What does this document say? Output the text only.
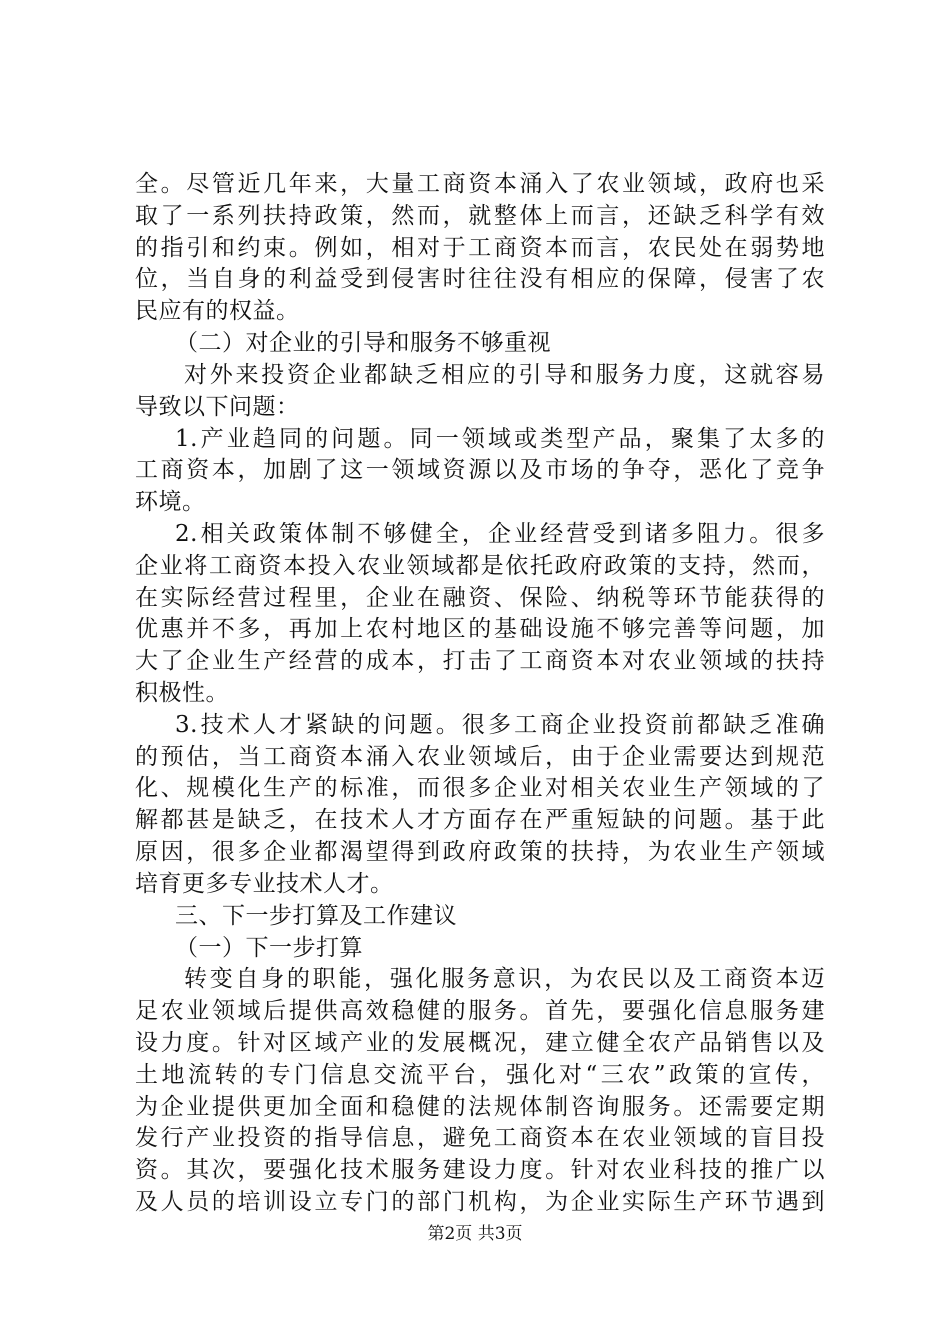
全。尽管近几年来，大量工商资本涌入了农业领域，政府也采
取了一系列扶持政策，然而，就整体上而言，还缺乏科学有效
的指引和约束。例如，相对于工商资本而言，农民处在弱势地
位，当自身的利益受到侵害时往往没有相应的保障，侵害了农
民应有的权益。
（二）对企业的引导和服务不够重视
对外来投资企业都缺乏相应的引导和服务力度，这就容易
导致以下问题：
1.产业趋同的问题。同一领域或类型产品，聚集了太多的
工商资本，加剧了这一领域资源以及市场的争夺，恶化了竞争
环境。
2.相关政策体制不够健全，企业经营受到诸多阻力。很多
企业将工商资本投入农业领域都是依托政府政策的支持，然而，
在实际经营过程里，企业在融资、保险、纳税等环节能获得的
优惠并不多，再加上农村地区的基础设施不够完善等问题，加
大了企业生产经营的成本，打击了工商资本对农业领域的扶持
积极性。
3.技术人才紧缺的问题。很多工商企业投资前都缺乏准确
的预估，当工商资本涌入农业领域后，由于企业需要达到规范
化、规模化生产的标准，而很多企业对相关农业生产领域的了
解都甚是缺乏，在技术人才方面存在严重短缺的问题。基于此
原因，很多企业都渴望得到政府政策的扶持，为农业生产领域
培育更多专业技术人才。
三、下一步打算及工作建议
（一）下一步打算
转变自身的职能，强化服务意识，为农民以及工商资本迈
足农业领域后提供高效稳健的服务。首先，要强化信息服务建
设力度。针对区域产业的发展概况，建立健全农产品销售以及
土地流转的专门信息交流平台，强化对“三农”政策的宣传，
为企业提供更加全面和稳健的法规体制咨询服务。还需要定期
发行产业投资的指导信息，避免工商资本在农业领域的盲目投
资。其次，要强化技术服务建设力度。针对农业科技的推广以
及人员的培训设立专门的部门机构，为企业实际生产环节遇到
第2页 共3页
